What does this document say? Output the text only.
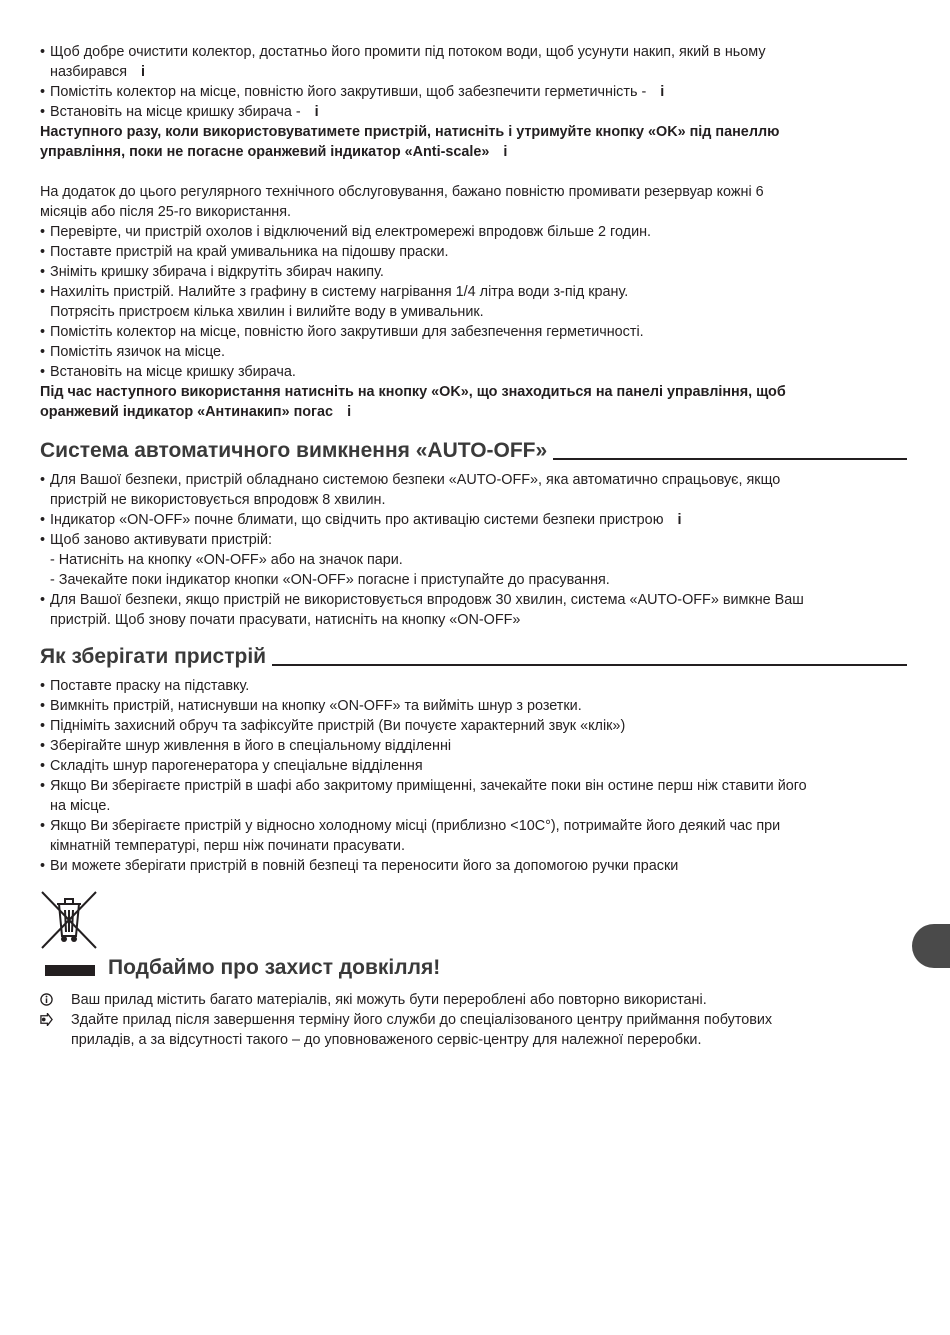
• Щоб добре очистити колектор, достатньо його промити під потоком води, щоб усунути накип, який в ньому
назбирався i
• Помістіть колектор на місце, повністю його закрутивши, щоб забезпечити герметичність - i
• Встановіть на місце кришку збирача - i
Наступного разу, коли використовуватимете пристрій, натисніть і утримуйте кнопку «OK» під панеллю
управління, поки не погасне оранжевий індикатор «Anti-scale» i
На додаток до цього регулярного технічного обслуговування, бажано повністю промивати резервуар кожні 6
місяців або після 25-го використання.
• Перевірте, чи пристрій охолов і відключений від електромережі впродовж більше 2 годин.
• Поставте пристрій на край умивальника на підошву праски.
• Зніміть кришку збирача і відкрутіть збирач накипу.
• Нахиліть пристрій. Налийте з графину в систему нагрівання 1/4 літра води з-під крану.
Потрясіть пристроєм кілька хвилин і вилийте воду в умивальник.
• Помістіть колектор на місце, повністю його закрутивши для забезпечення герметичності.
• Помістіть язичок на місце.
• Встановіть на місце кришку збирача.
Під час наступного використання натисніть на кнопку «OK», що знаходиться на панелі управління, щоб
оранжевий індикатор «Антинакип» погас i
Система автоматичного вимкнення «AUTO-OFF»
• Для Вашої безпеки, пристрій обладнано системою безпеки «AUTO-OFF», яка автоматично спрацьовує, якщо
пристрій не використовується впродовж 8 хвилин.
• Індикатор «ON-OFF» почне блимати, що свідчить про активацію системи безпеки пристрою i
• Щоб заново активувати пристрій:
- Натисніть на кнопку «ON-OFF» або на значок пари.
- Зачекайте поки індикатор кнопки «ON-OFF» погасне і приступайте до прасування.
• Для Вашої безпеки, якщо пристрій не використовується впродовж 30 хвилин, система «AUTO-OFF» вимкне Ваш
пристрій. Щоб знову почати прасувати, натисніть на кнопку «ON-OFF»
Як зберігати пристрій
• Поставте праску на підставку.
• Вимкніть пристрій, натиснувши на кнопку «ON-OFF» та вийміть шнур з розетки.
• Підніміть захисний обруч та зафіксуйте пристрій (Ви почуєте характерний звук «клік»)
• Зберігайте шнур живлення в його в спеціальному відділенні
• Складіть шнур парогенератора у спеціальне відділення
• Якщо Ви зберігаєте пристрій в шафі або закритому приміщенні, зачекайте поки він остине перш ніж ставити його
на місце.
• Якщо Ви зберігаєте пристрій у відносно холодному місці (приблизно <10C°), потримайте його деякий час при
кімнатній температурі, перш ніж починати прасувати.
• Ви можете зберігати пристрій в повній безпеці та переносити його за допомогою ручки праски
Подбаймо про захист довкілля!
Ваш прилад містить багато матеріалів, які можуть бути перероблені або повторно використані.
Здайте прилад після завершення терміну його служби до спеціалізованого центру приймання побутових
приладів, а за відсутності такого – до уповноваженого сервіс-центру для належної переробки.
